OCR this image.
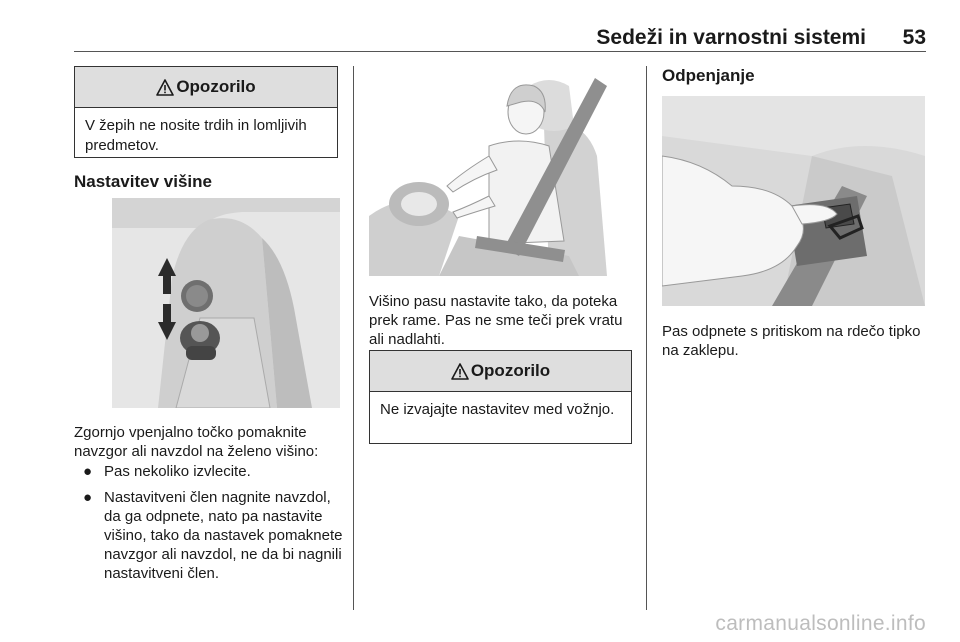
Sedeži in varnostni sistemi	53
Opozorilo
V žepih ne nosite trdih in lomljivih predmetov.
Nastavitev višine
Zgornjo vpenjalno točko pomaknite navzgor ali navzdol na želeno višino:
● Pas nekoliko izvlecite.
● Nastavitveni člen nagnite navzdol, da ga odpnete, nato pa nastavite višino, tako da nastavek pomaknete navzgor ali navzdol, ne da bi nagnili nastavitveni člen.
Višino pasu nastavite tako, da poteka prek rame. Pas ne sme teči prek vratu ali nadlahti.
Opozorilo
Ne izvajajte nastavitev med vožnjo.
Odpenjanje
Pas odpnete s pritiskom na rdečo tipko na zaklepu.
carmanualsonline.info
